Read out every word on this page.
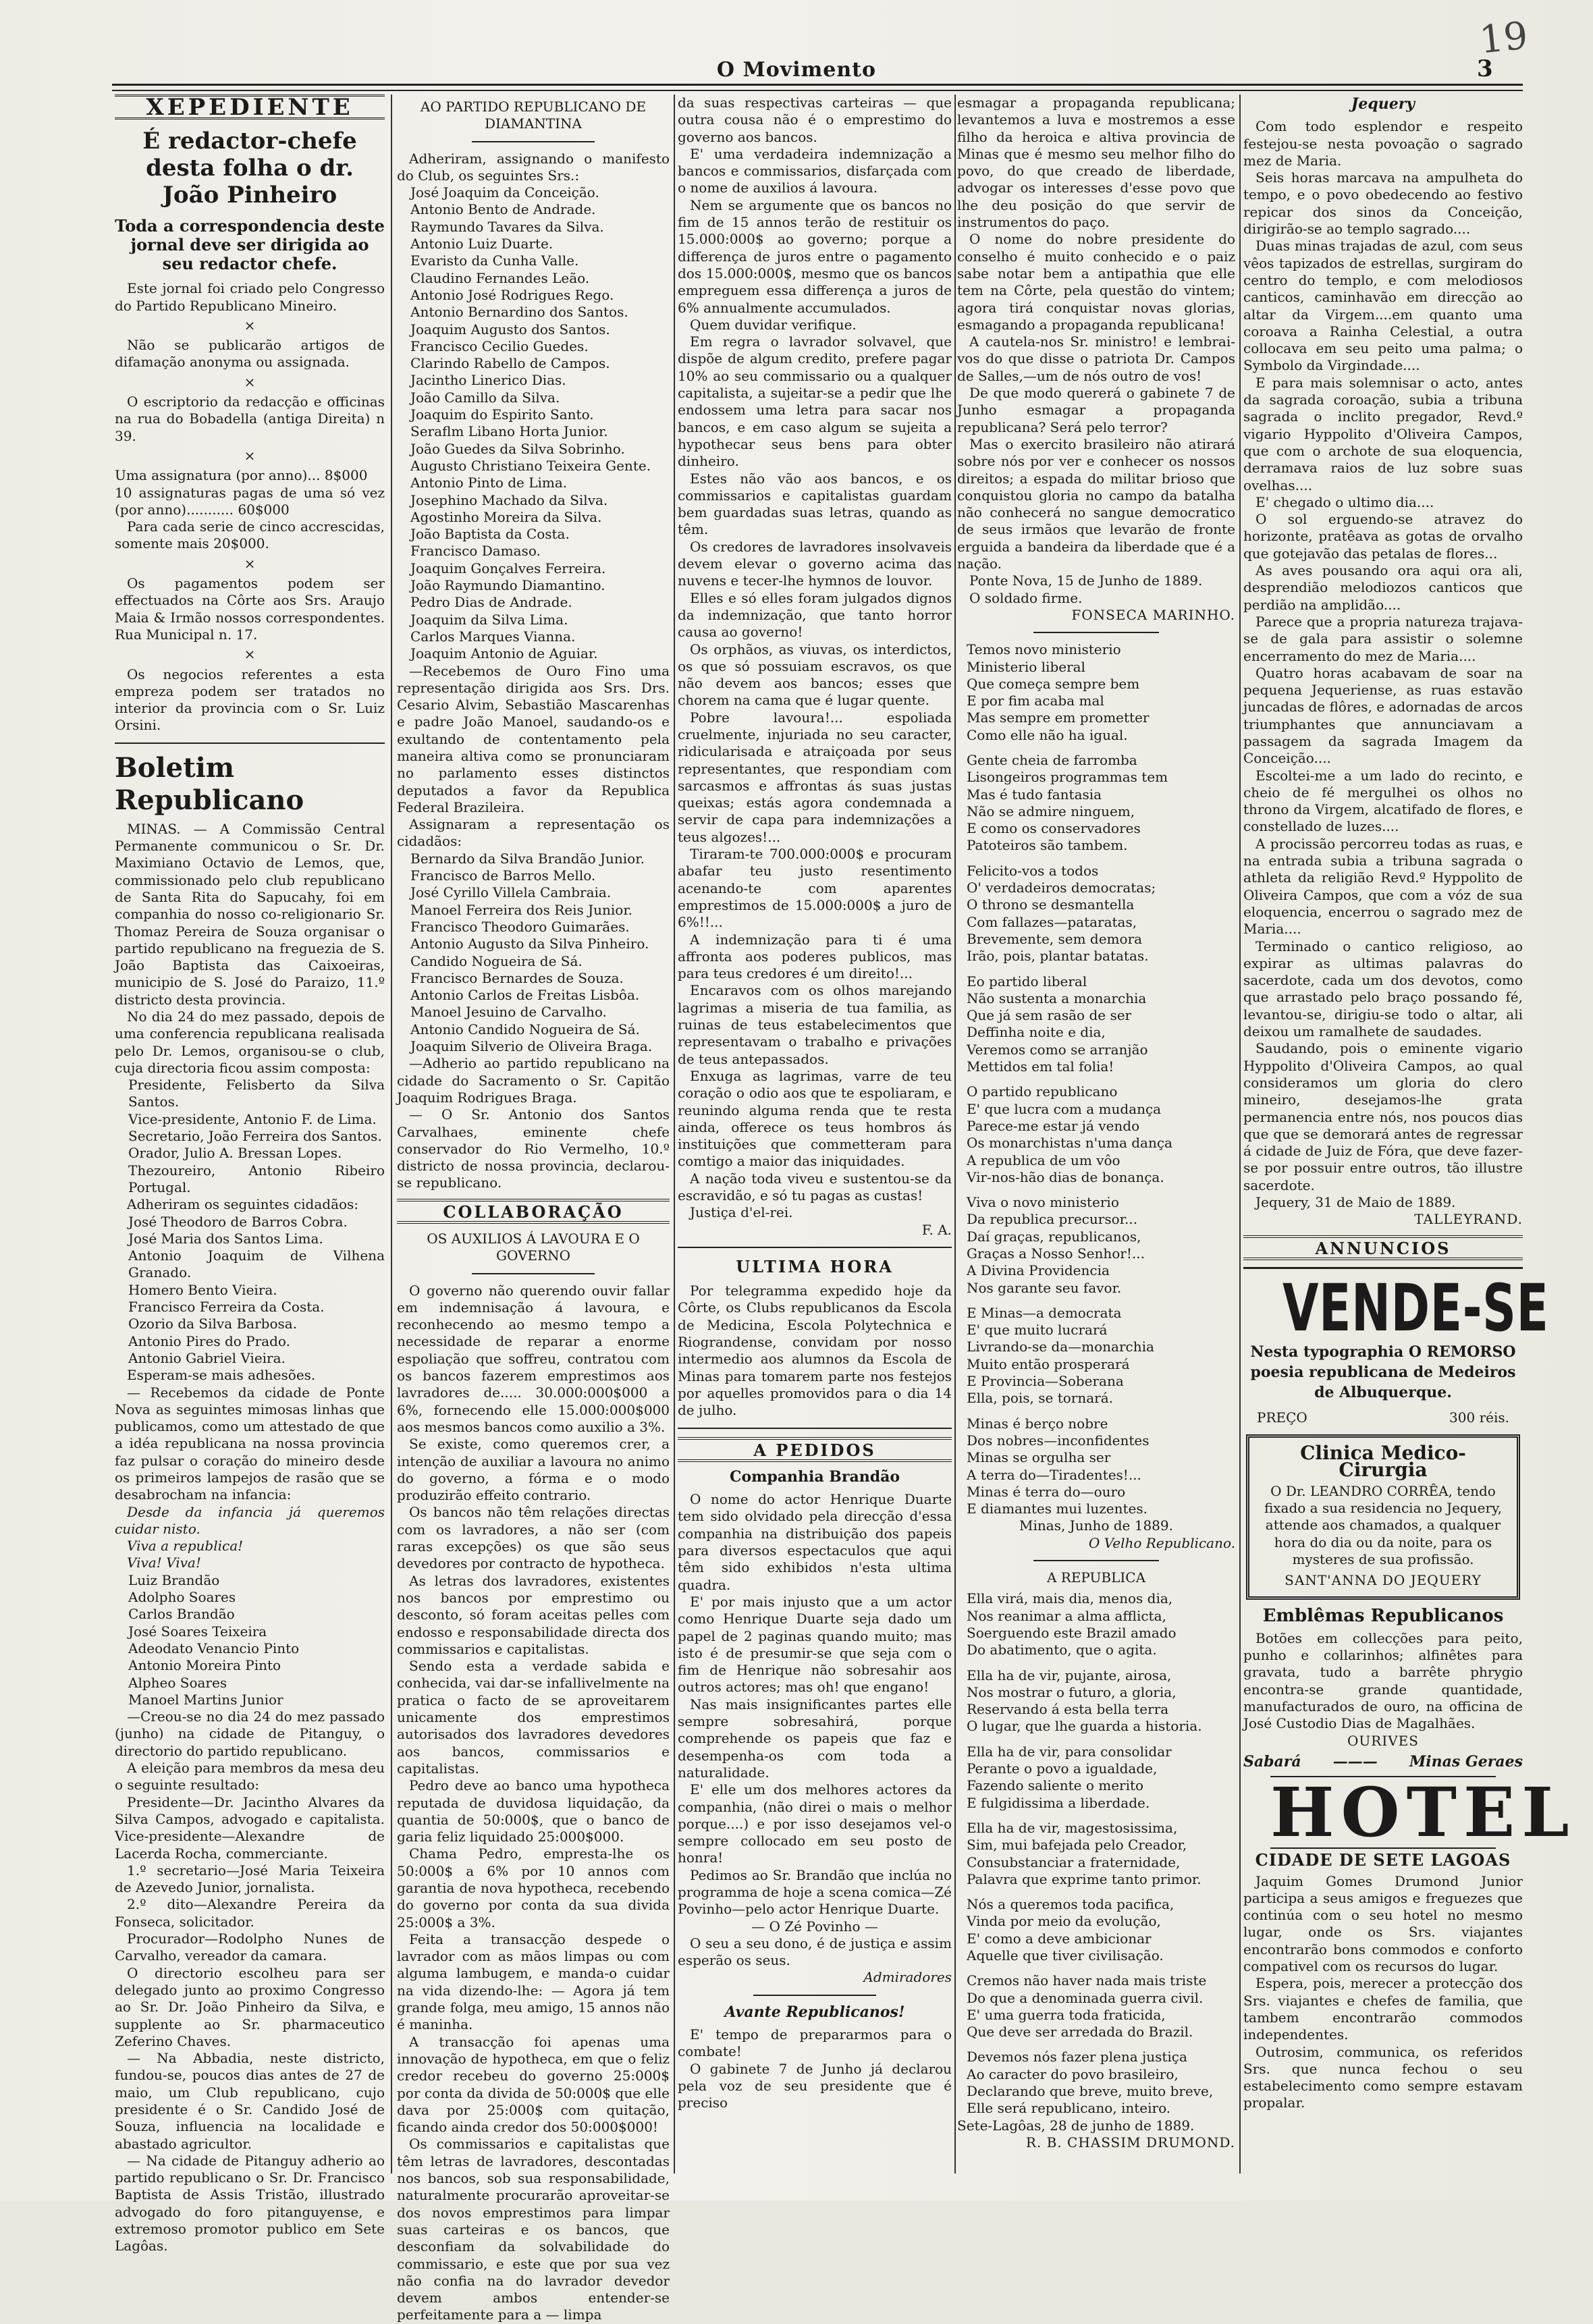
19
O Movimento	3
XEPEDIENTE
É redactor-chefe desta folha o dr. João Pinheiro
Toda a correspondencia deste jornal deve ser dirigida ao seu redactor chefe.

Este jornal foi criado pelo Congresso do Partido Republicano Mineiro.

×

Não se publicarão artigos de difamação anonyma ou assignada.

×

O escriptorio da redacção e officinas na rua do Bobadella (antiga Direita) n 39.

×

Uma assignatura (por anno)... 8$000

10 assignaturas pagas de uma só vez (por anno)........... 60$000

Para cada serie de cinco accrescidas, somente mais 20$000.

×

Os pagamentos podem ser effectuados na Côrte aos Srs. Araujo Maia & Irmão nossos correspondentes. Rua Municipal n. 17.

×

Os negocios referentes a esta empreza podem ser tratados no interior da provincia com o Sr. Luiz Orsini.

Boletim Republicano

MINAS. — A Commissão Central Permanente communicou o Sr. Dr. Maximiano Octavio de Lemos, que, commissionado pelo club republicano de Santa Rita do Sapucahy, foi em companhia do nosso co-religionario Sr. Thomaz Pereira de Souza organisar o partido republicano na freguezia de S. João Baptista das Caixoeiras, municipio de S. José do Paraizo, 11.º districto desta provincia.

No dia 24 do mez passado, depois de uma conferencia republicana realisada pelo Dr. Lemos, organisou-se o club, cuja directoria ficou assim composta:

Presidente, Felisberto da Silva Santos.

Vice-presidente, Antonio F. de Lima.

Secretario, João Ferreira dos Santos.

Orador, Julio A. Bressan Lopes.

Thezoureiro, Antonio Ribeiro Portugal.

Adheriram os seguintes cidadãos:

José Theodoro de Barros Cobra.

José Maria dos Santos Lima.

Antonio Joaquim de Vilhena Granado.

Homero Bento Vieira.

Francisco Ferreira da Costa.

Ozorio da Silva Barbosa.

Antonio Pires do Prado.

Antonio Gabriel Vieira.

Esperam-se mais adhesões.

— Recebemos da cidade de Ponte Nova as seguintes mimosas linhas que publicamos, como um attestado de que a idéa republicana na nossa provincia faz pulsar o coração do mineiro desde os primeiros lampejos de rasão que se desabrocham na infancia:

Desde da infancia já queremos cuidar nisto.

Viva a republica!

Viva! Viva!

Luiz Brandão

Adolpho Soares

Carlos Brandão

José Soares Teixeira

Adeodato Venancio Pinto

Antonio Moreira Pinto

Alpheo Soares

Manoel Martins Junior

—Creou-se no dia 24 do mez passado (junho) na cidade de Pitanguy, o directorio do partido republicano.

A eleição para membros da mesa deu o seguinte resultado:

Presidente—Dr. Jacintho Alvares da Silva Campos, advogado e capitalista. Vice-presidente—Alexandre de Lacerda Rocha, commerciante.

1.º secretario—José Maria Teixeira de Azevedo Junior, jornalista.

2.º dito—Alexandre Pereira da Fonseca, solicitador.

Procurador—Rodolpho Nunes de Carvalho, vereador da camara.

O directorio escolheu para ser delegado junto ao proximo Congresso ao Sr. Dr. João Pinheiro da Silva, e supplente ao Sr. pharmaceutico Zeferino Chaves.

— Na Abbadia, neste districto, fundou-se, poucos dias antes de 27 de maio, um Club republicano, cujo presidente é o Sr. Candido José de Souza, influencia na localidade e abastado agricultor.

— Na cidade de Pitanguy adherio ao partido republicano o Sr. Dr. Francisco Baptista de Assis Tristão, illustrado advogado do foro pitanguyense, e extremoso promotor publico em Sete Lagôas.

AO PARTIDO REPUBLICANO DE DIAMANTINA

Adheriram, assignando o manifesto do Club, os seguintes Srs.:

José Joaquim da Conceição.

Antonio Bento de Andrade.

Raymundo Tavares da Silva.

Antonio Luiz Duarte.

Evaristo da Cunha Valle.

Claudino Fernandes Leão.

Antonio José Rodrigues Rego.

Antonio Bernardino dos Santos.

Joaquim Augusto dos Santos.

Francisco Cecilio Guedes.

Clarindo Rabello de Campos.

Jacintho Linerico Dias.

João Camillo da Silva.

Joaquim do Espirito Santo.

Seraflm Libano Horta Junior.

João Guedes da Silva Sobrinho.

Augusto Christiano Teixeira Gente.

Antonio Pinto de Lima.

Josephino Machado da Silva.

Agostinho Moreira da Silva.

João Baptista da Costa.

Francisco Damaso.

Joaquim Gonçalves Ferreira.

João Raymundo Diamantino.

Pedro Dias de Andrade.

Joaquim da Silva Lima.

Carlos Marques Vianna.

Joaquim Antonio de Aguiar.

—Recebemos de Ouro Fino uma representação dirigida aos Srs. Drs. Cesario Alvim, Sebastião Mascarenhas e padre João Manoel, saudando-os e exultando de contentamento pela maneira altiva como se pronunciaram no parlamento esses distinctos deputados a favor da Republica Federal Brazileira.

Assignaram a representação os cidadãos:

Bernardo da Silva Brandão Junior.

Francisco de Barros Mello.

José Cyrillo Villela Cambraia.

Manoel Ferreira dos Reis Junior.

Francisco Theodoro Guimarães.

Antonio Augusto da Silva Pinheiro.

Candido Nogueira de Sá.

Francisco Bernardes de Souza.

Antonio Carlos de Freitas Lisbôa.

Manoel Jesuino de Carvalho.

Antonio Candido Nogueira de Sá.

Joaquim Silverio de Oliveira Braga.

—Adherio ao partido republicano na cidade do Sacramento o Sr. Capitão Joaquim Rodrigues Braga.

— O Sr. Antonio dos Santos Carvalhaes, eminente chefe conservador do Rio Vermelho, 10.º districto de nossa provincia, declarou-se republicano.

COLLABORAÇÃO
OS AUXILIOS Á LAVOURA E O GOVERNO

O governo não querendo ouvir fallar em indemnisação á lavoura, e reconhecendo ao mesmo tempo a necessidade de reparar a enorme espoliação que soffreu, contratou com os bancos fazerem emprestimos aos lavradores de..... 30.000:000$000 a 6%, fornecendo elle 15.000:000$000 aos mesmos bancos como auxilio a 3%.

Se existe, como queremos crer, a intenção de auxiliar a lavoura no animo do governo, a fórma e o modo produzirão effeito contrario.

Os bancos não têm relações directas com os lavradores, a não ser (com raras excepções) os que são seus devedores por contracto de hypotheca.

As letras dos lavradores, existentes nos bancos por emprestimo ou desconto, só foram aceitas pelles com endosso e responsabilidade directa dos commissarios e capitalistas.

Sendo esta a verdade sabida e conhecida, vai dar-se infallivelmente na pratica o facto de se aproveitarem unicamente dos emprestimos autorisados dos lavradores devedores aos bancos, commissarios e capitalistas.

Pedro deve ao banco uma hypotheca reputada de duvidosa liquidação, da quantia de 50:000$, que o banco de garia feliz liquidado 25:000$000.

Chama Pedro, empresta-lhe os 50:000$ a 6% por 10 annos com garantia de nova hypotheca, recebendo do governo por conta da sua divida 25:000$ a 3%.

Feita a transacção despede o lavrador com as mãos limpas ou com alguma lambugem, e manda-o cuidar na vida dizendo-lhe: — Agora já tem grande folga, meu amigo, 15 annos não é maninha.

A transacção foi apenas uma innovação de hypotheca, em que o feliz credor recebeu do governo 25:000$ por conta da divida de 50:000$ que elle dava por 25:000$ com quitação, ficando ainda credor dos 50:000$000!

Os commissarios e capitalistas que têm letras de lavradores, descontadas nos bancos, sob sua responsabilidade, naturalmente procurarão aproveitar-se dos novos emprestimos para limpar suas carteiras e os bancos, que desconfiam da solvabilidade do commissario, e este que por sua vez não confia na do lavrador devedor devem ambos entender-se perfeitamente para a — limpa

da suas respectivas carteiras — que outra cousa não é o emprestimo do governo aos bancos.

E' uma verdadeira indemnização a bancos e commissarios, disfarçada com o nome de auxilios á lavoura.

Nem se argumente que os bancos no fim de 15 annos terão de restituir os 15.000:000$ ao governo; porque a differença de juros entre o pagamento dos 15.000:000$, mesmo que os bancos empreguem essa differença a juros de 6% annualmente accumulados.

Quem duvidar verifique.

Em regra o lavrador solvavel, que dispõe de algum credito, prefere pagar 10% ao seu commissario ou a qualquer capitalista, a sujeitar-se a pedir que lhe endossem uma letra para sacar nos bancos, e em caso algum se sujeita a hypothecar seus bens para obter dinheiro.

Estes não vão aos bancos, e os commissarios e capitalistas guardam bem guardadas suas letras, quando as têm.

Os credores de lavradores insolvaveis devem elevar o governo acima das nuvens e tecer-lhe hymnos de louvor.

Elles e só elles foram julgados dignos da indemnização, que tanto horror causa ao governo!

Os orphãos, as viuvas, os interdictos, os que só possuiam escravos, os que não devem aos bancos; esses que chorem na cama que é lugar quente.

Pobre lavoura!... espoliada cruelmente, injuriada no seu caracter, ridicularisada e atraiçoada por seus representantes, que respondiam com sarcasmos e affrontas ás suas justas queixas; estás agora condemnada a servir de capa para indemnizações a teus algozes!...

Tiraram-te 700.000:000$ e procuram abafar teu justo resentimento acenando-te com aparentes emprestimos de 15.000:000$ a juro de 6%!!...

A indemnização para ti é uma affronta aos poderes publicos, mas para teus credores é um direito!...

Encaravos com os olhos marejando lagrimas a miseria de tua familia, as ruinas de teus estabelecimentos que representavam o trabalho e privações de teus antepassados.

Enxuga as lagrimas, varre de teu coração o odio aos que te espoliaram, e reunindo alguma renda que te resta ainda, offerece os teus hombros ás instituições que commetteram para comtigo a maior das iniquidades.

A nação toda viveu e sustentou-se da escravidão, e só tu pagas as custas!

Justiça d'el-rei.

F. A.

ULTIMA HORA

Por telegramma expedido hoje da Côrte, os Clubs republicanos da Escola de Medicina, Escola Polytechnica e Riograndense, convidam por nosso intermedio aos alumnos da Escola de Minas para tomarem parte nos festejos por aquelles promovidos para o dia 14 de julho.

A PEDIDOS
Companhia Brandão

O nome do actor Henrique Duarte tem sido olvidado pela direcção d'essa companhia na distribuição dos papeis para diversos espectaculos que aqui têm sido exhibidos n'esta ultima quadra.

E' por mais injusto que a um actor como Henrique Duarte seja dado um papel de 2 paginas quando muito; mas isto é de presumir-se que seja com o fim de Henrique não sobresahir aos outros actores; mas oh! que engano!

Nas mais insignificantes partes elle sempre sobresahirá, porque comprehende os papeis que faz e desempenha-os com toda a naturalidade.

E' elle um dos melhores actores da companhia, (não direi o mais o melhor porque....) e por isso desejamos vel-o sempre collocado em seu posto de honra!

Pedimos ao Sr. Brandão que inclúa no programma de hoje a scena comica—Zé Povinho—pelo actor Henrique Duarte.

— O Zé Povinho —

O seu a seu dono, é de justiça e assim esperão os seus.

Admiradores

Avante Republicanos!

E' tempo de prepararmos para o combate!

O gabinete 7 de Junho já declarou pela voz de seu presidente que é preciso

esmagar a propaganda republicana; levantemos a luva e mostremos a esse filho da heroica e altiva provincia de Minas que é mesmo seu melhor filho do povo, do que creado de liberdade, advogar os interesses d'esse povo que lhe deu posição do que servir de instrumentos do paço.

O nome do nobre presidente do conselho é muito conhecido e o paiz sabe notar bem a antipathia que elle tem na Côrte, pela questão do vintem; agora tirá conquistar novas glorias, esmagando a propaganda republicana!

A cautela-nos Sr. ministro! e lembrai-vos do que disse o patriota Dr. Campos de Salles,—um de nós outro de vos!

De que modo quererá o gabinete 7 de Junho esmagar a propaganda republicana? Será pelo terror?

Mas o exercito brasileiro não atirará sobre nós por ver e conhecer os nossos direitos; a espada do militar brioso que conquistou gloria no campo da batalha não conhecerá no sangue democratico de seus irmãos que levarão de fronte erguida a bandeira da liberdade que é a nação.

Ponte Nova, 15 de Junho de 1889.

O soldado firme.

FONSECA MARINHO.

Temos novo ministerio

Ministerio liberal

Que começa sempre bem

E por fim acaba mal

Mas sempre em prometter

Como elle não ha igual.

Gente cheia de farromba

Lisongeiros programmas tem

Mas é tudo fantasia

Não se admire ninguem,

E como os conservadores

Patoteiros são tambem.

Felicito-vos a todos

O' verdadeiros democratas;

O throno se desmantella

Com fallazes—pataratas,

Brevemente, sem demora

Irão, pois, plantar batatas.

Eo partido liberal

Não sustenta a monarchia

Que já sem rasão de ser

Deffinha noite e dia,

Veremos como se arranjão

Mettidos em tal folia!

O partido republicano

E' que lucra com a mudança

Parece-me estar já vendo

Os monarchistas n'uma dança

A republica de um vôo

Vir-nos-hão dias de bonança.

Viva o novo ministerio

Da republica precursor...

Daí graças, republicanos,

Graças a Nosso Senhor!...

A Divina Providencia

Nos garante seu favor.

E Minas—a democrata

E' que muito lucrará

Livrando-se da—monarchia

Muito então prosperará

E Provincia—Soberana

Ella, pois, se tornará.

Minas é berço nobre

Dos nobres—inconfidentes

Minas se orgulha ser

A terra do—Tiradentes!...

Minas é terra do—ouro

E diamantes mui luzentes.

Minas, Junho de 1889.

O Velho Republicano.

A REPUBLICA

Ella virá, mais dia, menos dia,

Nos reanimar a alma afflicta,

Soerguendo este Brazil amado

Do abatimento, que o agita.

Ella ha de vir, pujante, airosa,

Nos mostrar o futuro, a gloria,

Reservando á esta bella terra

O lugar, que lhe guarda a historia.

Ella ha de vir, para consolidar

Perante o povo a igualdade,

Fazendo saliente o merito

E fulgidissima a liberdade.

Ella ha de vir, magestosissima,

Sim, mui bafejada pelo Creador,

Consubstanciar a fraternidade,

Palavra que exprime tanto primor.

Nós a queremos toda pacifica,

Vinda por meio da evolução,

E' como a deve ambicionar

Aquelle que tiver civilisação.

Cremos não haver nada mais triste

Do que a denominada guerra civil.

E' uma guerra toda fraticida,

Que deve ser arredada do Brazil.

Devemos nós fazer plena justiça

Ao caracter do povo brasileiro,

Declarando que breve, muito breve,

Elle será republicano, inteiro.

Sete-Lagôas, 28 de junho de 1889.

R. B. CHASSIM DRUMOND.

Jequery

Com todo esplendor e respeito festejou-se nesta povoação o sagrado mez de Maria.

Seis horas marcava na ampulheta do tempo, e o povo obedecendo ao festivo repicar dos sinos da Conceição, dirigirão-se ao templo sagrado....

Duas minas trajadas de azul, com seus vêos tapizados de estrellas, surgiram do centro do templo, e com melodiosos canticos, caminhavão em direcção ao altar da Virgem....em quanto uma coroava a Rainha Celestial, a outra collocava em seu peito uma palma; o Symbolo da Virgindade....

E para mais solemnisar o acto, antes da sagrada coroação, subia a tribuna sagrada o inclito pregador, Revd.º vigario Hyppolito d'Oliveira Campos, que com o archote de sua eloquencia, derramava raios de luz sobre suas ovelhas....

E' chegado o ultimo dia....

O sol erguendo-se atravez do horizonte, pratêava as gotas de orvalho que gotejavão das petalas de flores...

As aves pousando ora aqui ora ali, desprendião melodiozos canticos que perdião na amplidão....

Parece que a propria natureza trajava-se de gala para assistir o solemne encerramento do mez de Maria....

Quatro horas acabavam de soar na pequena Jequeriense, as ruas estavão juncadas de flôres, e adornadas de arcos triumphantes que annunciavam a passagem da sagrada Imagem da Conceição....

Escoltei-me a um lado do recinto, e cheio de fé mergulhei os olhos no throno da Virgem, alcatifado de flores, e constellado de luzes....

A procissão percorreu todas as ruas, e na entrada subia a tribuna sagrada o athleta da religião Revd.º Hyppolito de Oliveira Campos, que com a vóz de sua eloquencia, encerrou o sagrado mez de Maria....

Terminado o cantico religioso, ao expirar as ultimas palavras do sacerdote, cada um dos devotos, como que arrastado pelo braço possando fé, levantou-se, dirigiu-se todo o altar, ali deixou um ramalhete de saudades.

Saudando, pois o eminente vigario Hyppolito d'Oliveira Campos, ao qual consideramos um gloria do clero mineiro, desejamos-lhe grata permanencia entre nós, nos poucos dias que que se demorará antes de regressar á cidade de Juiz de Fóra, que deve fazer-se por possuir entre outros, tão illustre sacerdote.

Jequery, 31 de Maio de 1889.

TALLEYRAND.

ANNUNCIOS
VENDE-SE
Nesta typographia O REMORSO poesia republicana de Medeiros de Albuquerque.
PREÇO	300 réis.
Clinica Medico-Cirurgia

O Dr. LEANDRO CORRÊA, tendo fixado a sua residencia no Jequery, attende aos chamados, a qualquer hora do dia ou da noite, para os mysteres de sua profissão.

SANT'ANNA DO JEQUERY

Emblêmas Republicanos

Botões em collecções para peito, punho e collarinhos; alfinêtes para gravata, tudo a barrête phrygio encontra-se grande quantidade, manufacturados de ouro, na officina de José Custodio Dias de Magalhães.

OURIVES

Sabará ——— Minas Geraes
HOTEL
CIDADE DE SETE LAGOAS

Jaquim Gomes Drumond Junior participa a seus amigos e freguezes que continúa com o seu hotel no mesmo lugar, onde os Srs. viajantes encontrarão bons commodos e conforto compativel com os recursos do lugar.

Espera, pois, merecer a protecção dos Srs. viajantes e chefes de familia, que tambem encontrarão commodos independentes.

Outrosim, communica, os referidos Srs. que nunca fechou o seu estabelecimento como sempre estavam propalar.
